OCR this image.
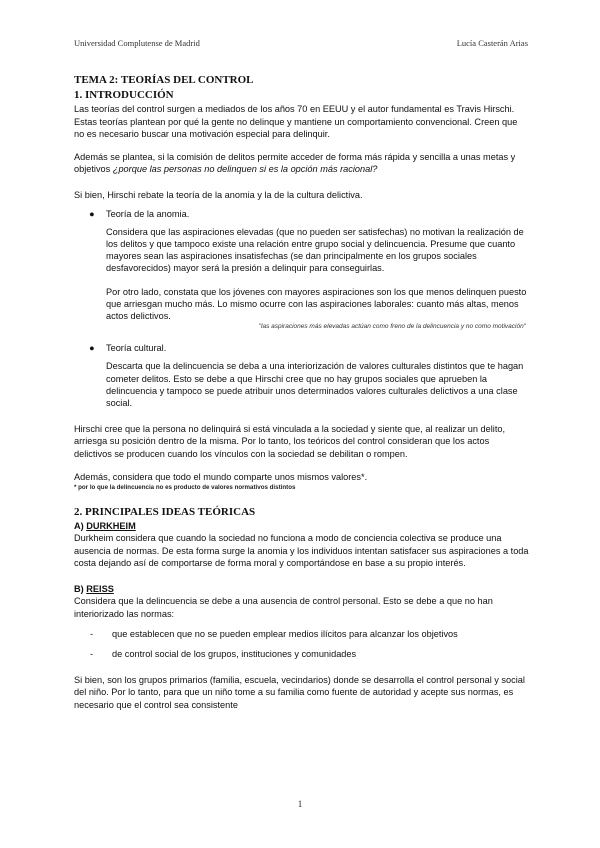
Universidad Complutense de Madrid	Lucía Casterán Arias
TEMA 2: TEORÍAS DEL CONTROL
1. INTRODUCCIÓN

Las teorías del control surgen a mediados de los años 70 en EEUU y el autor fundamental es Travis Hirschi. Estas teorías plantean por qué la gente no delinque y mantiene un comportamiento convencional. Creen que no es necesario buscar una motivación especial para delinquir.

Además se plantea, si la comisión de delitos permite acceder de forma más rápida y sencilla a unas metas y objetivos ¿porque las personas no delinquen si es la opción más racional?

Si bien, Hirschi rebate la teoría de la anomia y la de la cultura delictiva.

● Teoría de la anomia.

Considera que las aspiraciones elevadas (que no pueden ser satisfechas) no motivan la realización de los delitos y que tampoco existe una relación entre grupo social y delincuencia. Presume que cuanto mayores sean las aspiraciones insatisfechas (se dan principalmente en los grupos sociales desfavorecidos) mayor será la presión a delinquir para conseguirlas.

Por otro lado, constata que los jóvenes con mayores aspiraciones son los que menos delinquen puesto que arriesgan mucho más. Lo mismo ocurre con las aspiraciones laborales: cuanto más altas, menos actos delictivos.

"las aspiraciones más elevadas actúan como freno de la delincuencia y no como motivación"
● Teoría cultural.

Descarta que la delincuencia se deba a una interiorización de valores culturales distintos que te hagan cometer delitos. Esto se debe a que Hirschi cree que no hay grupos sociales que aprueben la delincuencia y tampoco se puede atribuir unos determinados valores culturales delictivos a una clase social.

Hirschi cree que la persona no delinquirá si está vinculada a la sociedad y siente que, al realizar un delito, arriesga su posición dentro de la misma. Por lo tanto, los teóricos del control consideran que los actos delictivos se producen cuando los vínculos con la sociedad se debilitan o rompen.

Además, considera que todo el mundo comparte unos mismos valores*.

* por lo que la delincuencia no es producto de valores normativos distintos
2. PRINCIPALES IDEAS TEÓRICAS
A) DURKHEIM

Durkheim considera que cuando la sociedad no funciona a modo de conciencia colectiva se produce una ausencia de normas. De esta forma surge la anomia y los individuos intentan satisfacer sus aspiraciones a toda costa dejando así de comportarse de forma moral y comportándose en base a su propio interés.

B) REISS

Considera que la delincuencia se debe a una ausencia de control personal. Esto se debe a que no han interiorizado las normas:

- que establecen que no se pueden emplear medios ilícitos para alcanzar los objetivos
- de control social de los grupos, instituciones y comunidades

Si bien, son los grupos primarios (familia, escuela, vecindarios) donde se desarrolla el control personal y social del niño. Por lo tanto, para que un niño tome a su familia como fuente de autoridad y acepte sus normas, es necesario que el control sea consistente

1
